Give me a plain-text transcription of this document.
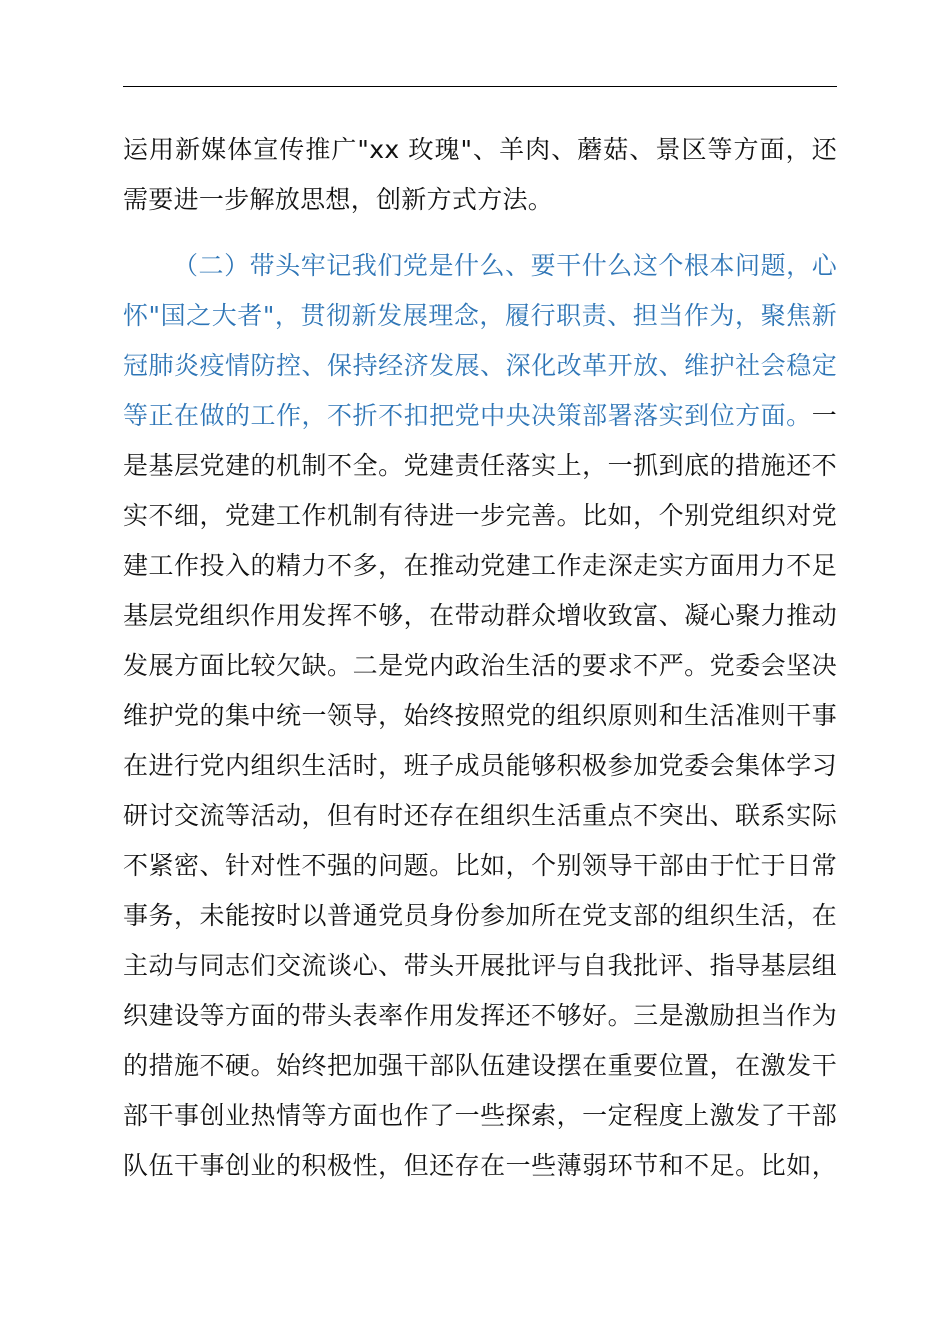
运用新媒体宣传推广"xx 玫瑰"、羊肉、蘑菇、景区等方面，还
需要进一步解放思想，创新方式方法。
（二）带头牢记我们党是什么、要干什么这个根本问题，心
怀"国之大者"，贯彻新发展理念，履行职责、担当作为，聚焦新
冠肺炎疫情防控、保持经济发展、深化改革开放、维护社会稳定
等正在做的工作，不折不扣把党中央决策部署落实到位方面。一
是基层党建的机制不全。党建责任落实上，一抓到底的措施还不
实不细，党建工作机制有待进一步完善。比如，个别党组织对党
建工作投入的精力不多，在推动党建工作走深走实方面用力不足
基层党组织作用发挥不够，在带动群众增收致富、凝心聚力推动
发展方面比较欠缺。二是党内政治生活的要求不严。党委会坚决
维护党的集中统一领导，始终按照党的组织原则和生活准则干事
在进行党内组织生活时，班子成员能够积极参加党委会集体学习
研讨交流等活动，但有时还存在组织生活重点不突出、联系实际
不紧密、针对性不强的问题。比如，个别领导干部由于忙于日常
事务，未能按时以普通党员身份参加所在党支部的组织生活，在
主动与同志们交流谈心、带头开展批评与自我批评、指导基层组
织建设等方面的带头表率作用发挥还不够好。三是激励担当作为
的措施不硬。始终把加强干部队伍建设摆在重要位置，在激发干
部干事创业热情等方面也作了一些探索，一定程度上激发了干部
队伍干事创业的积极性，但还存在一些薄弱环节和不足。比如，
